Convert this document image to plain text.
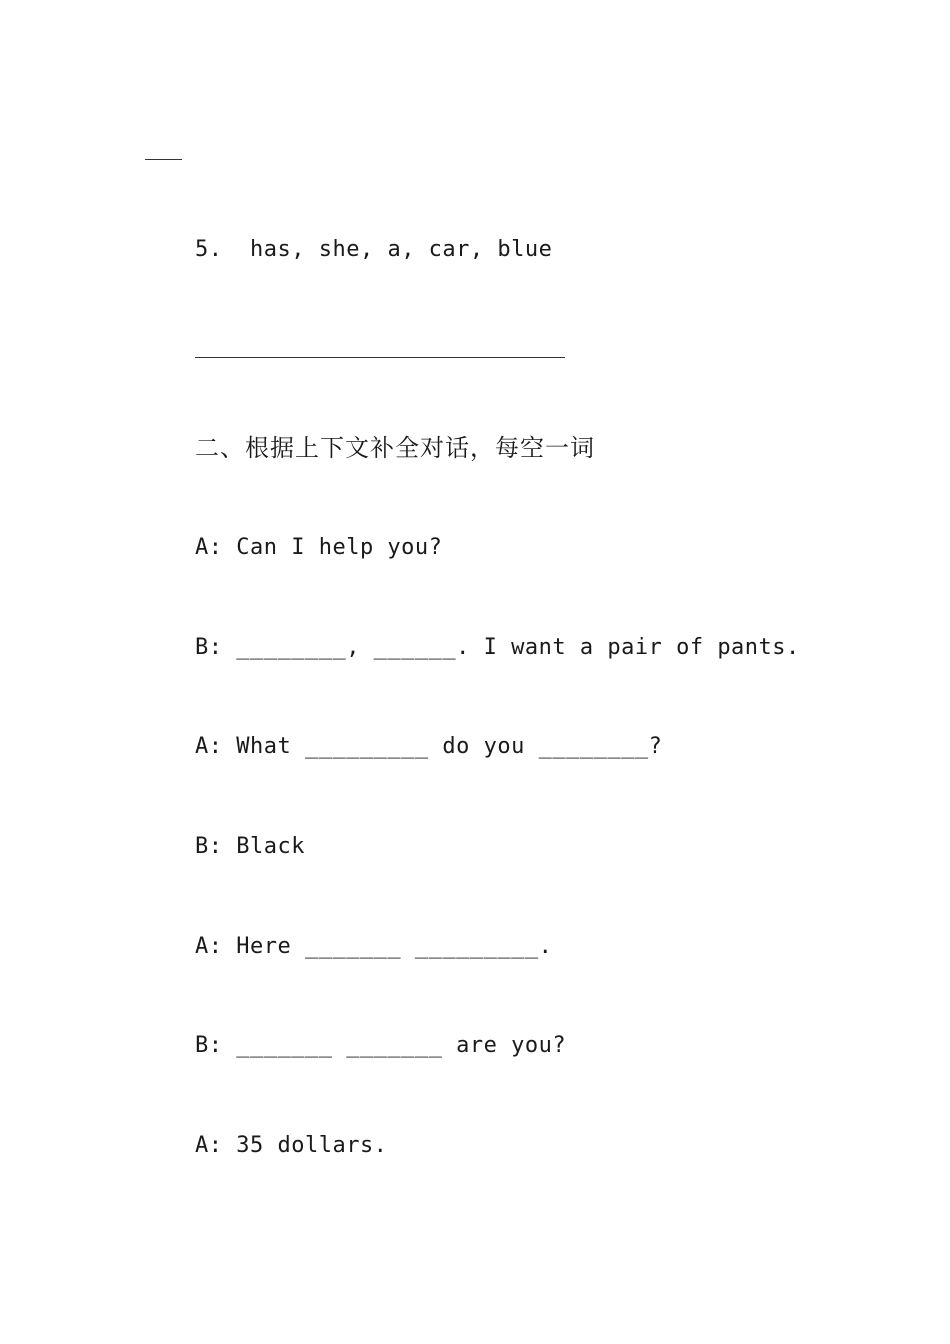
5. has, she, a, car, blue
二、根据上下文补全对话，每空一词
A: Can I help you?
B: ________, ______. I want a pair of pants.
A: What _________ do you ________?
B: Black
A: Here _______ _________.
B: _______ _______ are you?
A: 35 dollars.
